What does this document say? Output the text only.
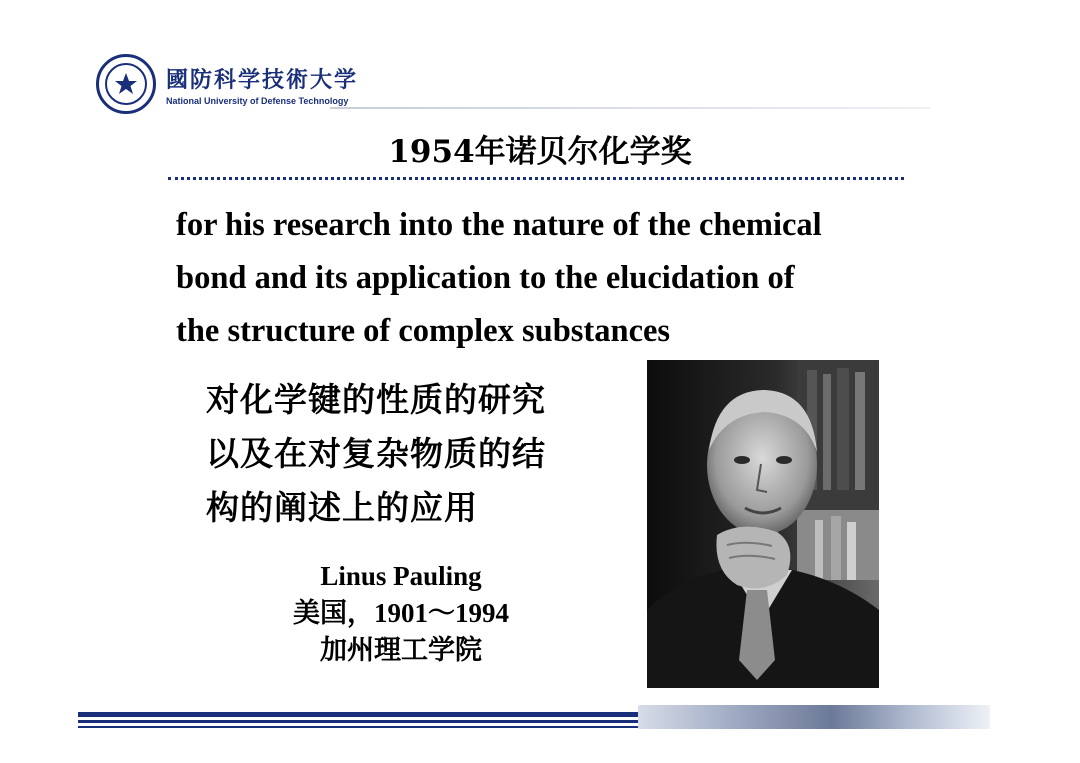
國防科学技術大学
National University of Defense Technology
1954年诺贝尔化学奖
for his research into the nature of the chemical
bond and its application to the elucidation of
the structure of complex substances
对化学键的性质的研究
以及在对复杂物质的结
构的阐述上的应用
Linus Pauling
美国，1901～1994
加州理工学院
